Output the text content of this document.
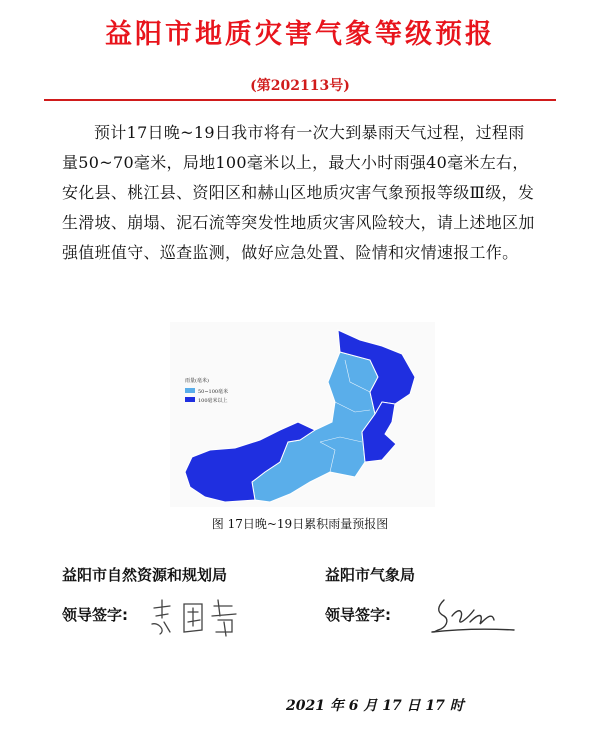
益阳市地质灾害气象等级预报
(第202113号)

预计17日晚~19日我市将有一次大到暴雨天气过程，过程雨量50~70毫米，局地100毫米以上，最大小时雨强40毫米左右，安化县、桃江县、资阳区和赫山区地质灾害气象预报等级Ⅲ级，发生滑坡、崩塌、泥石流等突发性地质灾害风险较大，请上述地区加强值班值守、巡查监测，做好应急处置、险情和灾情速报工作。

雨量(毫米)
50~100毫米
100毫米以上
图 17日晚~19日累积雨量预报图
益阳市自然资源和规划局	益阳市气象局
领导签字:	领导签字:
2021 年 6 月 17 日 17 时
